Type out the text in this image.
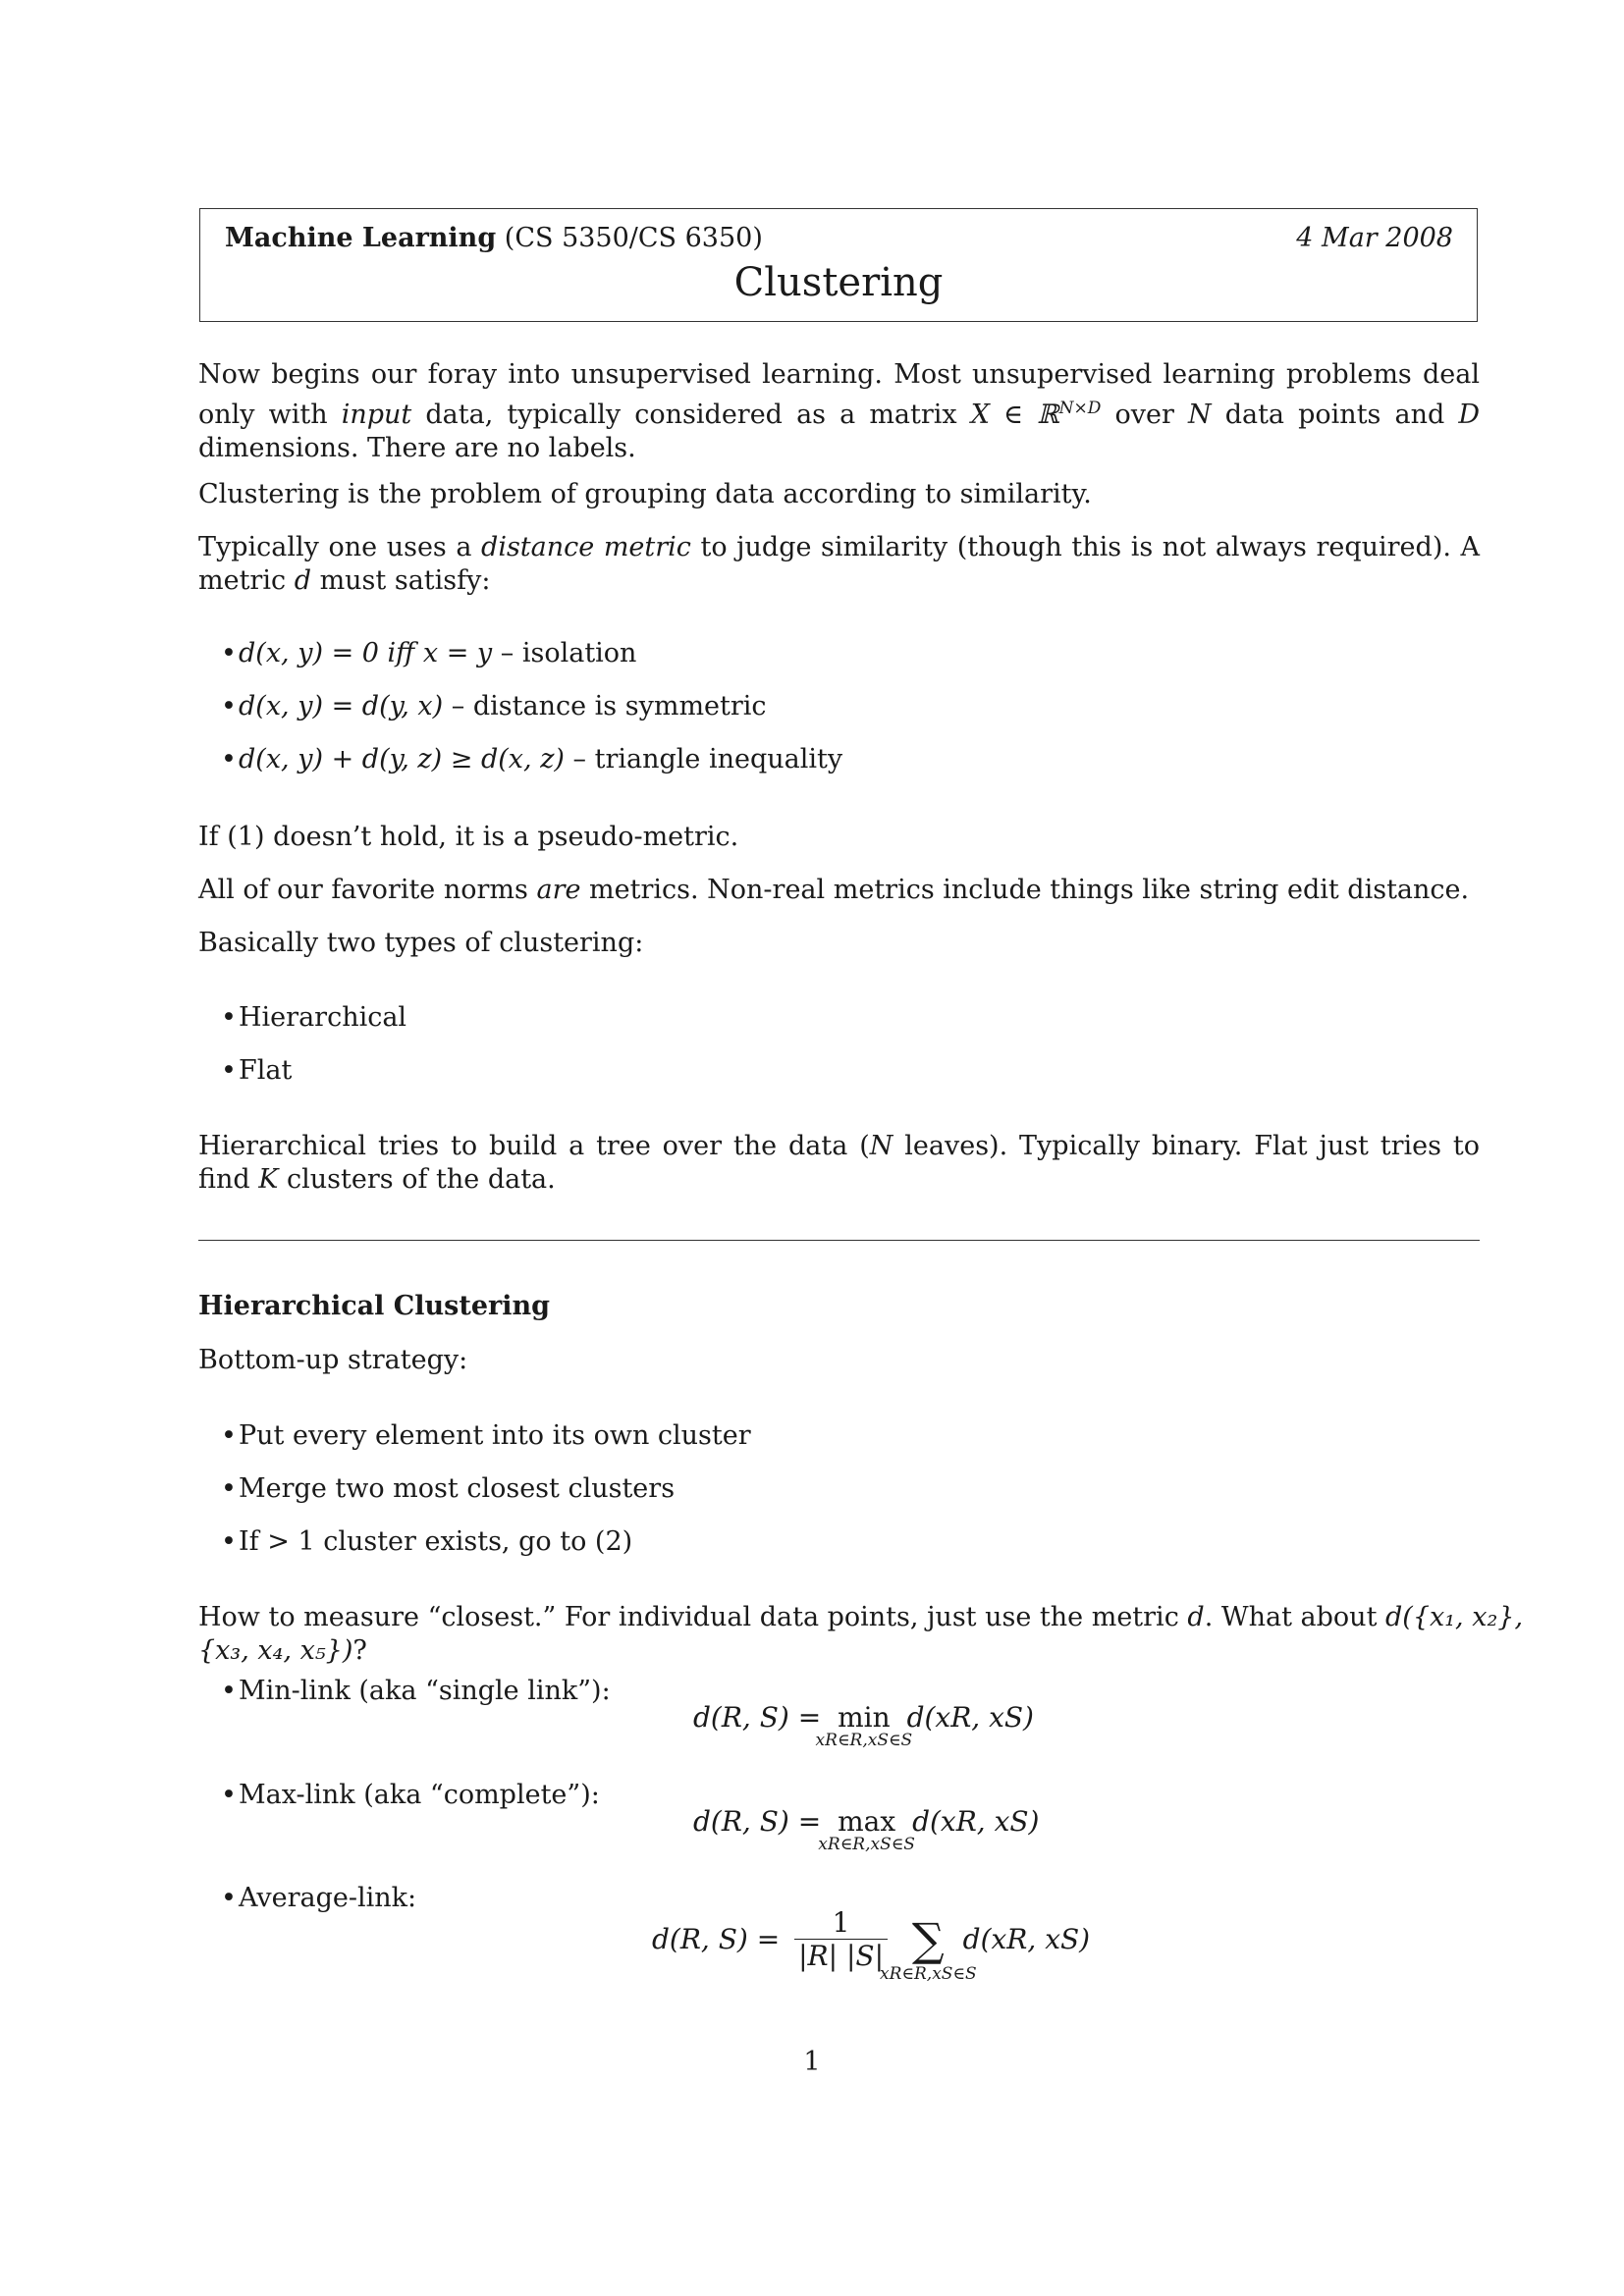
Machine Learning (CS 5350/CS 6350)	4 Mar 2008
Clustering
Now begins our foray into unsupervised learning. Most unsupervised learning problems deal only with input data, typically considered as a matrix X ∈ ℝ$^{N\times D}$ over N data points and D dimensions. There are no labels.
Clustering is the problem of grouping data according to similarity.
Typically one uses a distance metric to judge similarity (though this is not always required). A metric d must satisfy:
• d(x, y) = 0 iff x = y – isolation
• d(x, y) = d(y, x) – distance is symmetric
• d(x, y) + d(y, z) ≥ d(x, z) – triangle inequality
If (1) doesn’t hold, it is a pseudo-metric.
All of our favorite norms are metrics. Non-real metrics include things like string edit distance.
Basically two types of clustering:
• Hierarchical
• Flat
Hierarchical tries to build a tree over the data (N leaves). Typically binary. Flat just tries to find K clusters of the data.
Hierarchical Clustering
Bottom-up strategy:
• Put every element into its own cluster
• Merge two most closest clusters
• If > 1 cluster exists, go to (2)
How to measure “closest.” For individual data points, just use the metric d. What about d({x₁, x₂}, {x₃, x₄, x₅})?
• Min-link (aka “single link”):
d(R, S) = min
xR∈R,xS∈S
d(xR, xS)
• Max-link (aka “complete”):
d(R, S) = max
xR∈R,xS∈S
d(xR, xS)
• Average-link:
d(R, $S) = \frac{1}{|R| |S|}$ ∑
xR∈R,xS∈S
d(xR, xS)
1
